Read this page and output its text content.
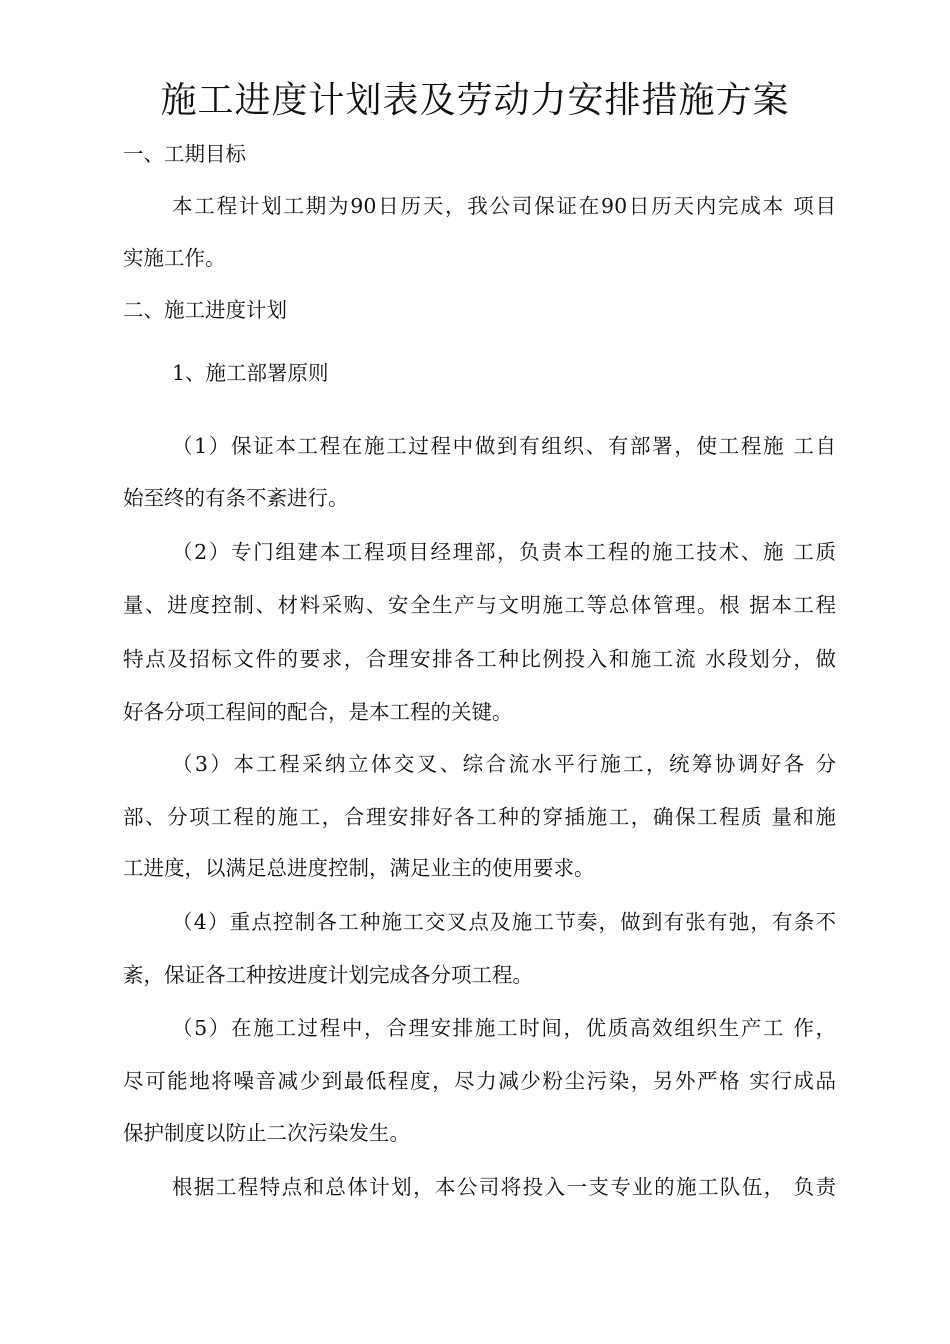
施工进度计划表及劳动力安排措施方案
一、工期目标
本工程计划工期为90日历天，我公司保证在90日历天内完成本 项目
实施工作。
二、施工进度计划
1、施工部署原则
（1）保证本工程在施工过程中做到有组织、有部署，使工程施 工自
始至终的有条不紊进行。
（2）专门组建本工程项目经理部，负责本工程的施工技术、施 工质
量、进度控制、材料采购、安全生产与文明施工等总体管理。根 据本工程
特点及招标文件的要求，合理安排各工种比例投入和施工流 水段划分，做
好各分项工程间的配合，是本工程的关键。
（3）本工程采纳立体交叉、综合流水平行施工，统筹协调好各 分
部、分项工程的施工，合理安排好各工种的穿插施工，确保工程质 量和施
工进度，以满足总进度控制，满足业主的使用要求。
（4）重点控制各工种施工交叉点及施工节奏，做到有张有弛，有条不
紊，保证各工种按进度计划完成各分项工程。
（5）在施工过程中，合理安排施工时间，优质高效组织生产工 作，
尽可能地将噪音减少到最低程度，尽力减少粉尘污染，另外严格 实行成品
保护制度以防止二次污染发生。
根据工程特点和总体计划，本公司将投入一支专业的施工队伍， 负责
